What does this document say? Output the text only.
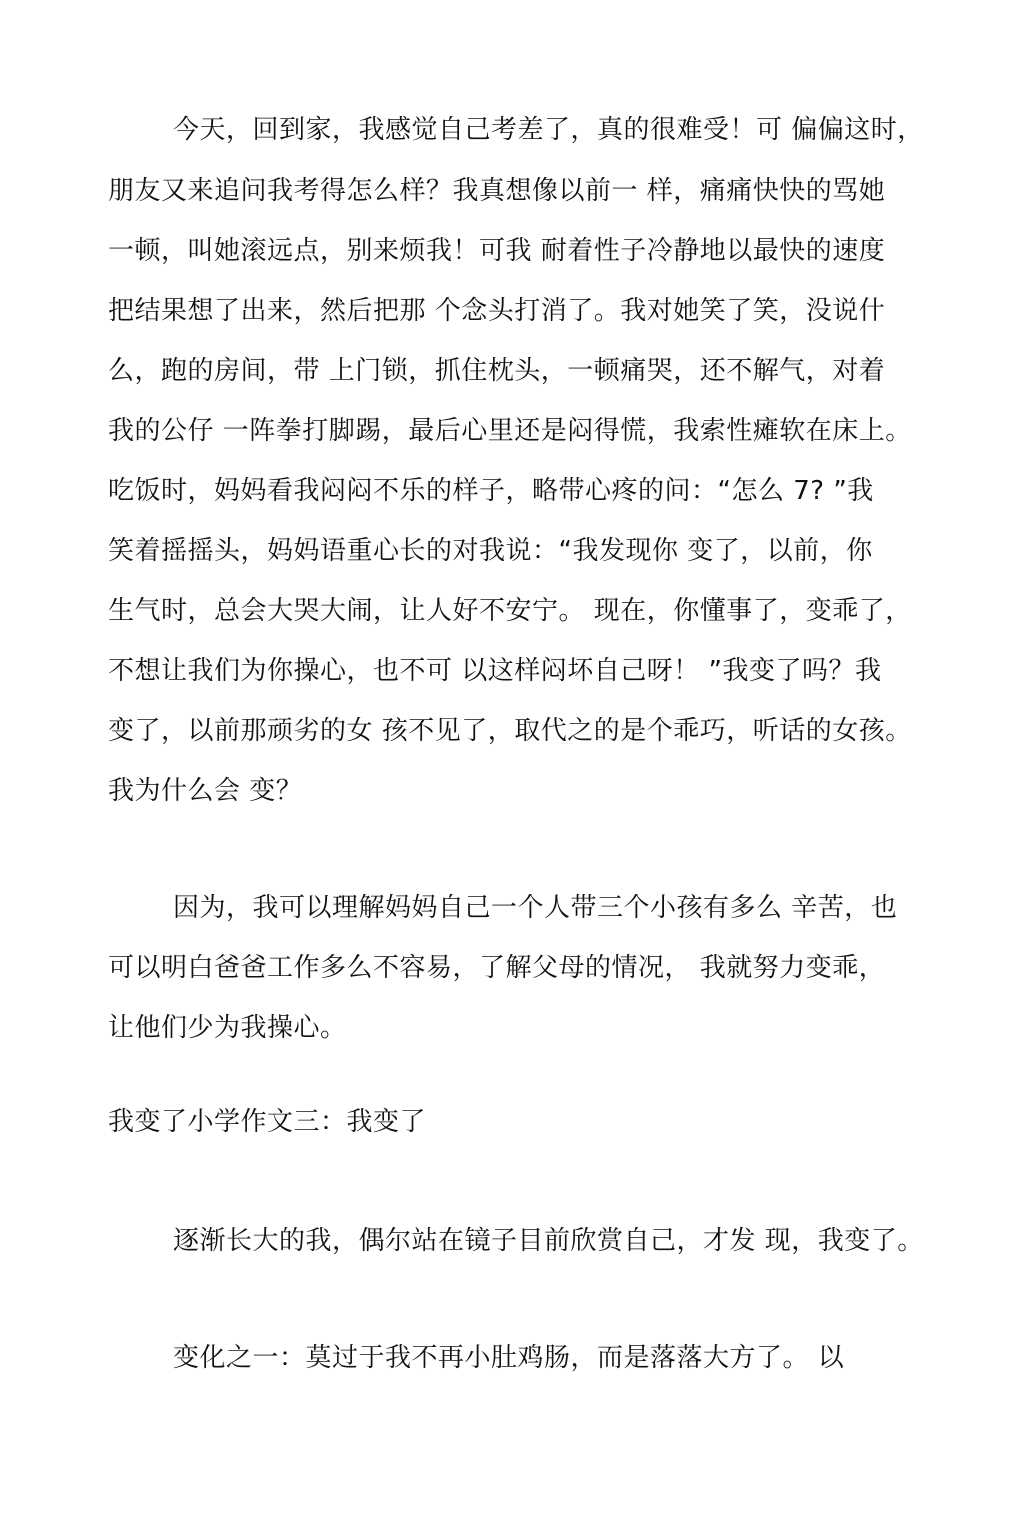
今天，回到家，我感觉自己考差了，真的很难受！可 偏偏这时，
朋友又来追问我考得怎么样？我真想像以前一 样，痛痛快快的骂她
一顿，叫她滚远点，别来烦我！可我 耐着性子冷静地以最快的速度
把结果想了出来，然后把那 个念头打消了。我对她笑了笑，没说什
么，跑的房间，带 上门锁，抓住枕头，一顿痛哭，还不解气，对着
我的公仔 一阵拳打脚踢，最后心里还是闷得慌，我索性瘫软在床上。
吃饭时，妈妈看我闷闷不乐的样子，略带心疼的问：“怎么 7? ”我
笑着摇摇头，妈妈语重心长的对我说：“我发现你 变了，以前，你
生气时，总会大哭大闹，让人好不安宁。 现在，你懂事了，变乖了，
不想让我们为你操心，也不可 以这样闷坏自己呀！ ”我变了吗？我
变了，以前那顽劣的女 孩不见了，取代之的是个乖巧，听话的女孩。
我为什么会 变？
因为，我可以理解妈妈自己一个人带三个小孩有多么 辛苦，也
可以明白爸爸工作多么不容易，了解父母的情况， 我就努力变乖，
让他们少为我操心。
我变了小学作文三：我变了
逐渐长大的我，偶尔站在镜子目前欣赏自己，才发 现，我变了。
变化之一：莫过于我不再小肚鸡肠，而是落落大方了。 以
